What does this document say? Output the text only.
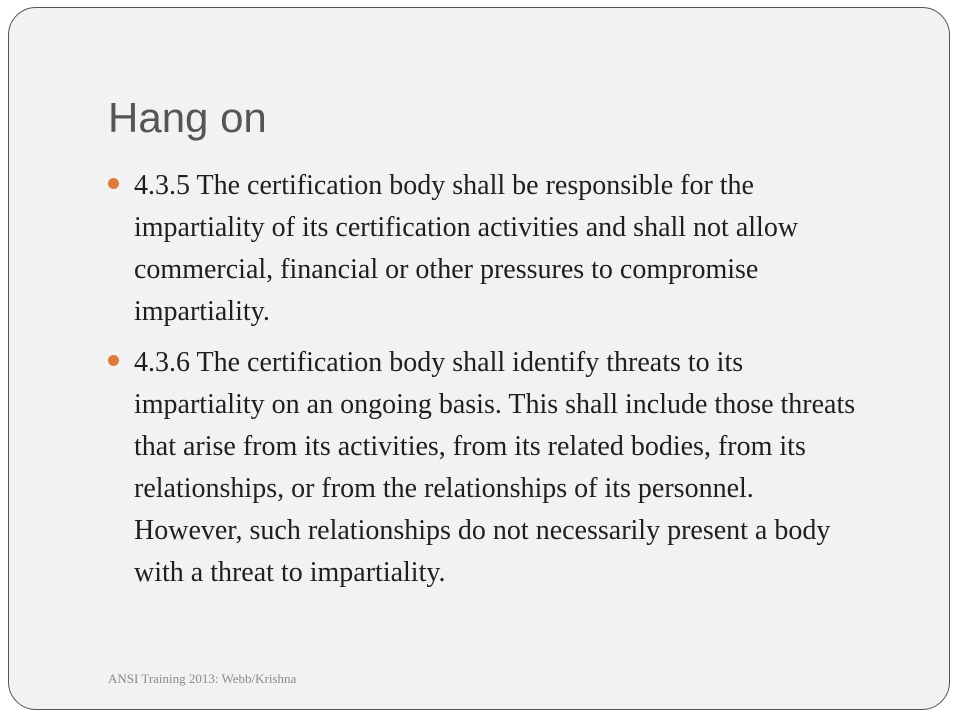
Hang on
4.3.5 The certification body shall be responsible for the impartiality of its certification activities and shall not allow commercial, financial or other pressures to compromise impartiality.
4.3.6 The certification body shall identify threats to its impartiality on an ongoing basis. This shall include those threats that arise from its activities, from its related bodies, from its relationships, or from the relationships of its personnel. However, such relationships do not necessarily present a body with a threat to impartiality.
ANSI Training 2013: Webb/Krishna
